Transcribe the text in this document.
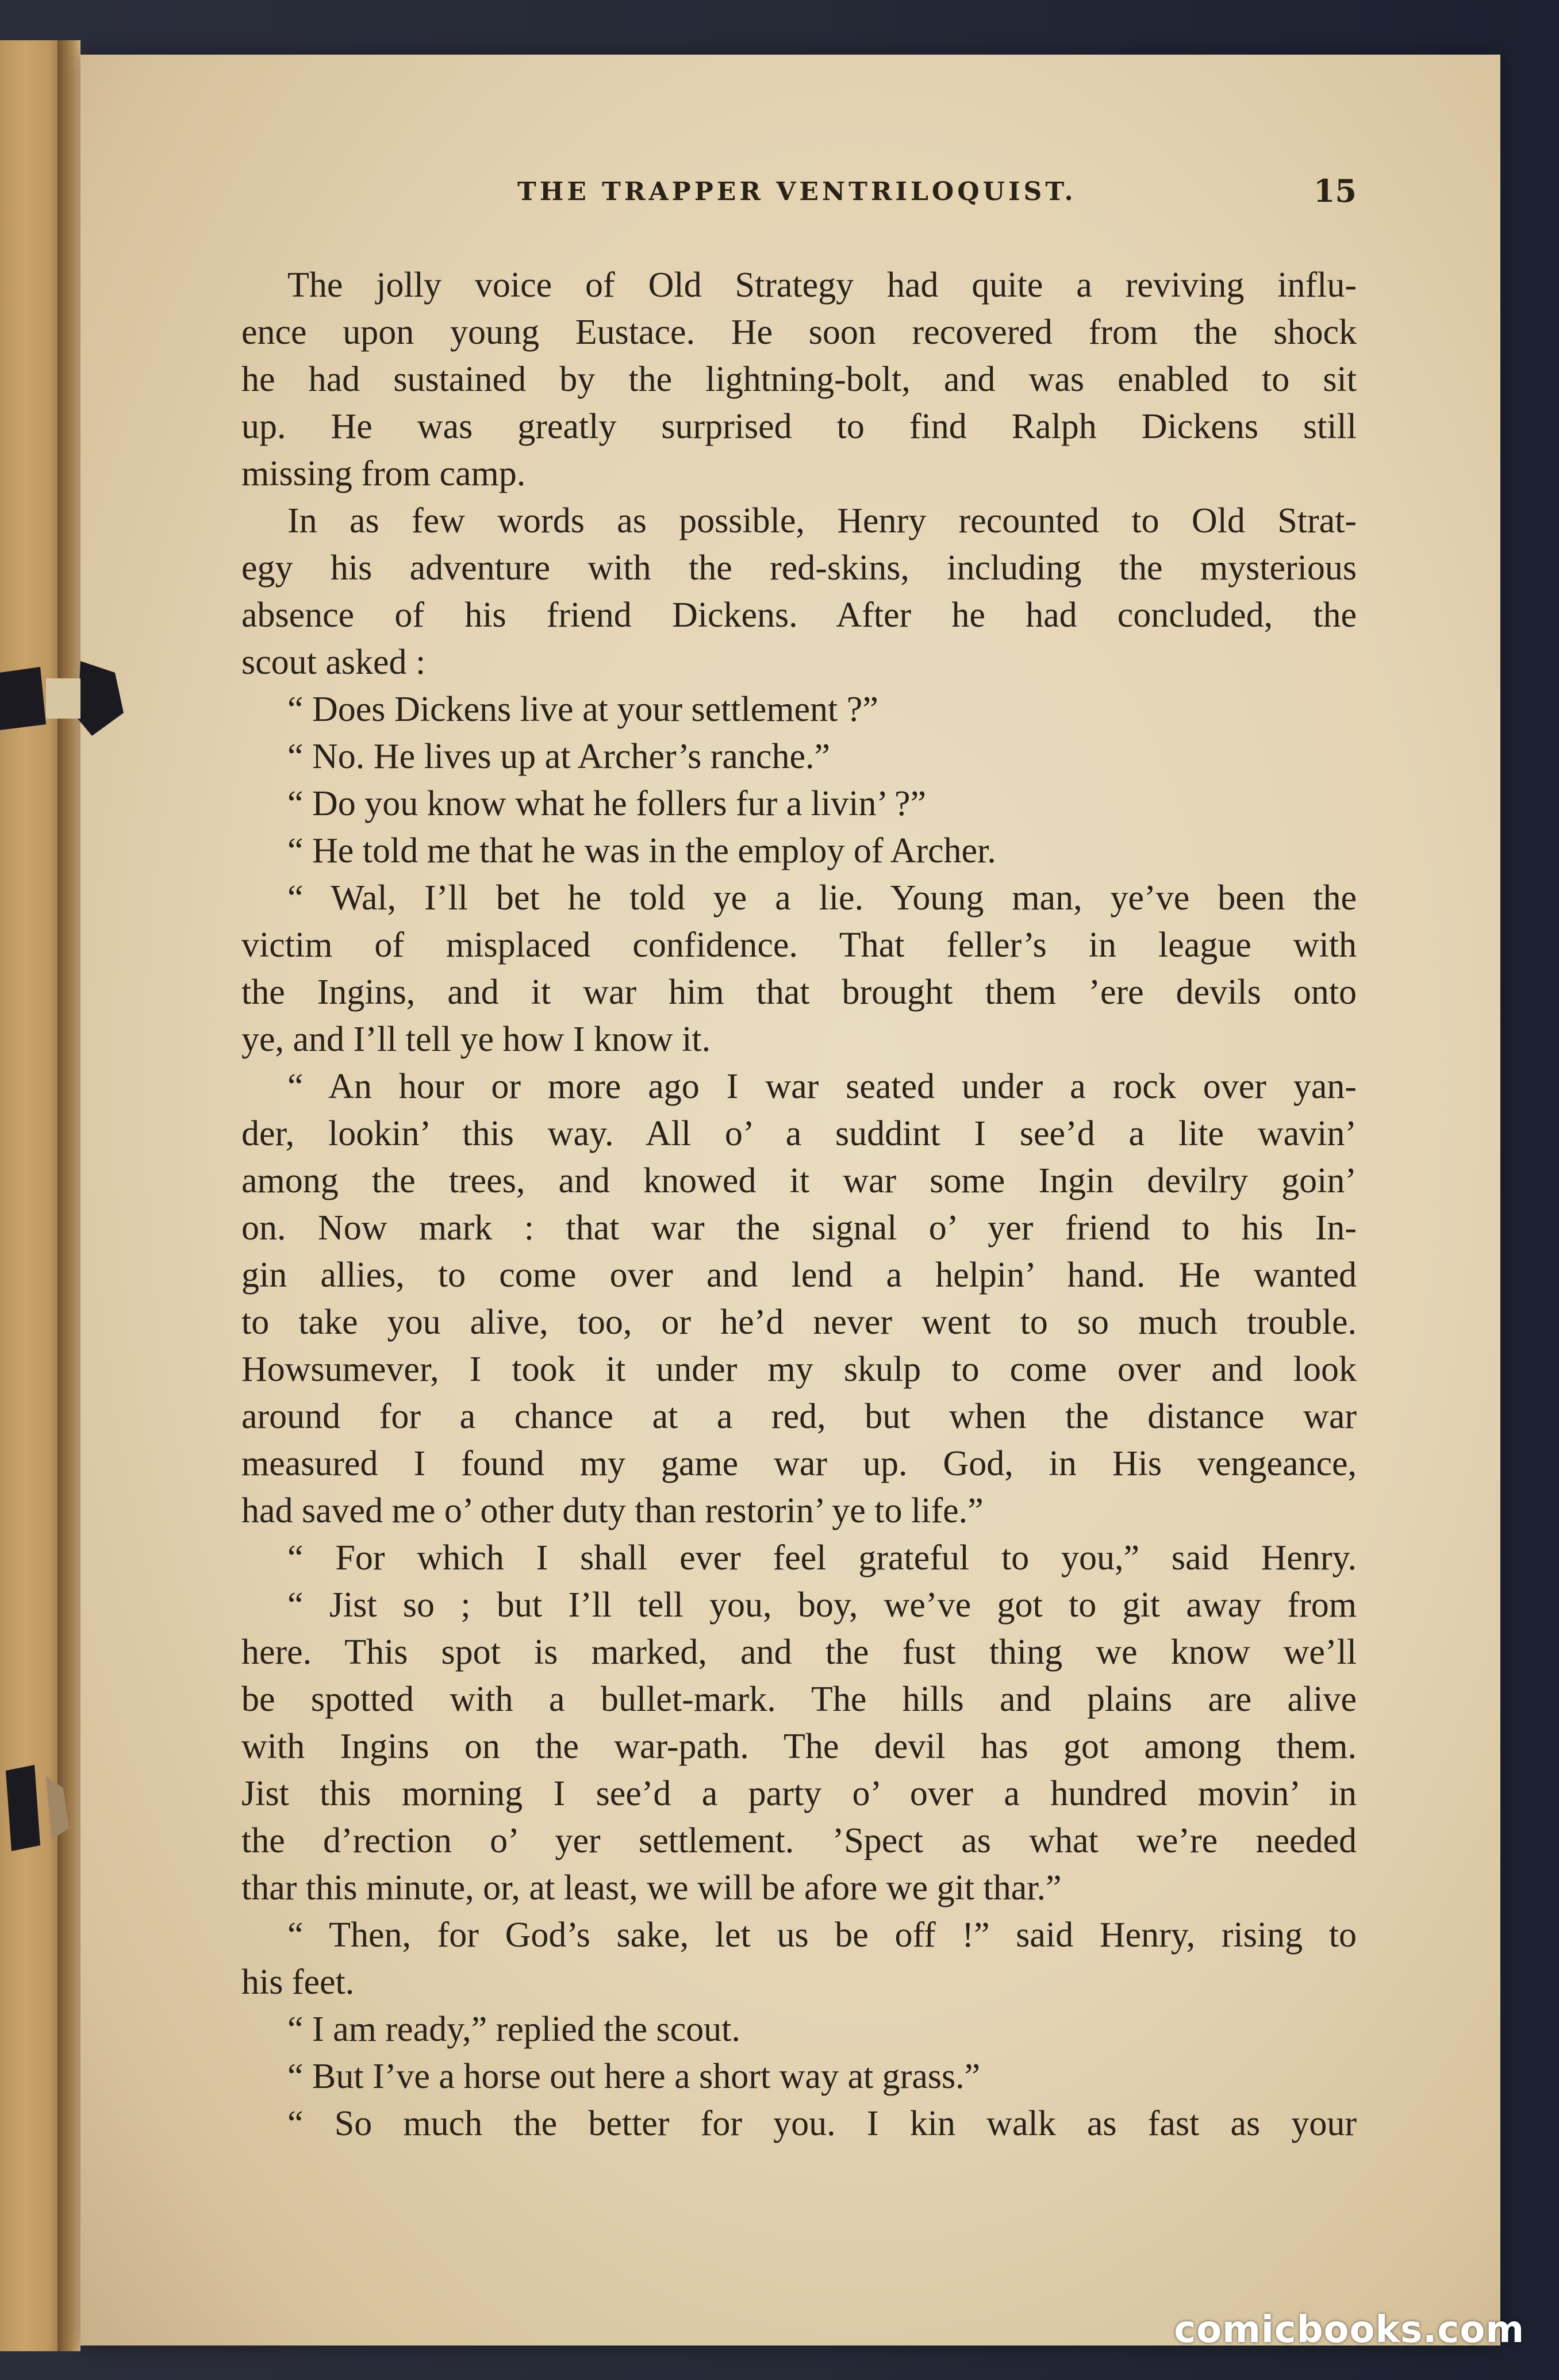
THE TRAPPER VENTRILOQUIST.	15
The jolly voice of Old Strategy had quite a reviving influ-
ence upon young Eustace. He soon recovered from the shock
he had sustained by the lightning-bolt, and was enabled to sit
up. He was greatly surprised to find Ralph Dickens still
missing from camp.
In as few words as possible, Henry recounted to Old Strat-
egy his adventure with the red-skins, including the mysterious
absence of his friend Dickens. After he had concluded, the
scout asked :
“ Does Dickens live at your settlement ?”
“ No. He lives up at Archer’s ranche.”
“ Do you know what he follers fur a livin’ ?”
“ He told me that he was in the employ of Archer.
“ Wal, I’ll bet he told ye a lie. Young man, ye’ve been the
victim of misplaced confidence. That feller’s in league with
the Ingins, and it war him that brought them ’ere devils onto
ye, and I’ll tell ye how I know it.
“ An hour or more ago I war seated under a rock over yan-
der, lookin’ this way. All o’ a suddint I see’d a lite wavin’
among the trees, and knowed it war some Ingin devilry goin’
on. Now mark : that war the signal o’ yer friend to his In-
gin allies, to come over and lend a helpin’ hand. He wanted
to take you alive, too, or he’d never went to so much trouble.
Howsumever, I took it under my skulp to come over and look
around for a chance at a red, but when the distance war
measured I found my game war up. God, in His vengeance,
had saved me o’ other duty than restorin’ ye to life.”
“ For which I shall ever feel grateful to you,” said Henry.
“ Jist so ; but I’ll tell you, boy, we’ve got to git away from
here. This spot is marked, and the fust thing we know we’ll
be spotted with a bullet-mark. The hills and plains are alive
with Ingins on the war-path. The devil has got among them.
Jist this morning I see’d a party o’ over a hundred movin’ in
the d’rection o’ yer settlement. ’Spect as what we’re needed
thar this minute, or, at least, we will be afore we git thar.”
“ Then, for God’s sake, let us be off !” said Henry, rising to
his feet.
“ I am ready,” replied the scout.
“ But I’ve a horse out here a short way at grass.”
“ So much the better for you. I kin walk as fast as your
comicbooks.com
